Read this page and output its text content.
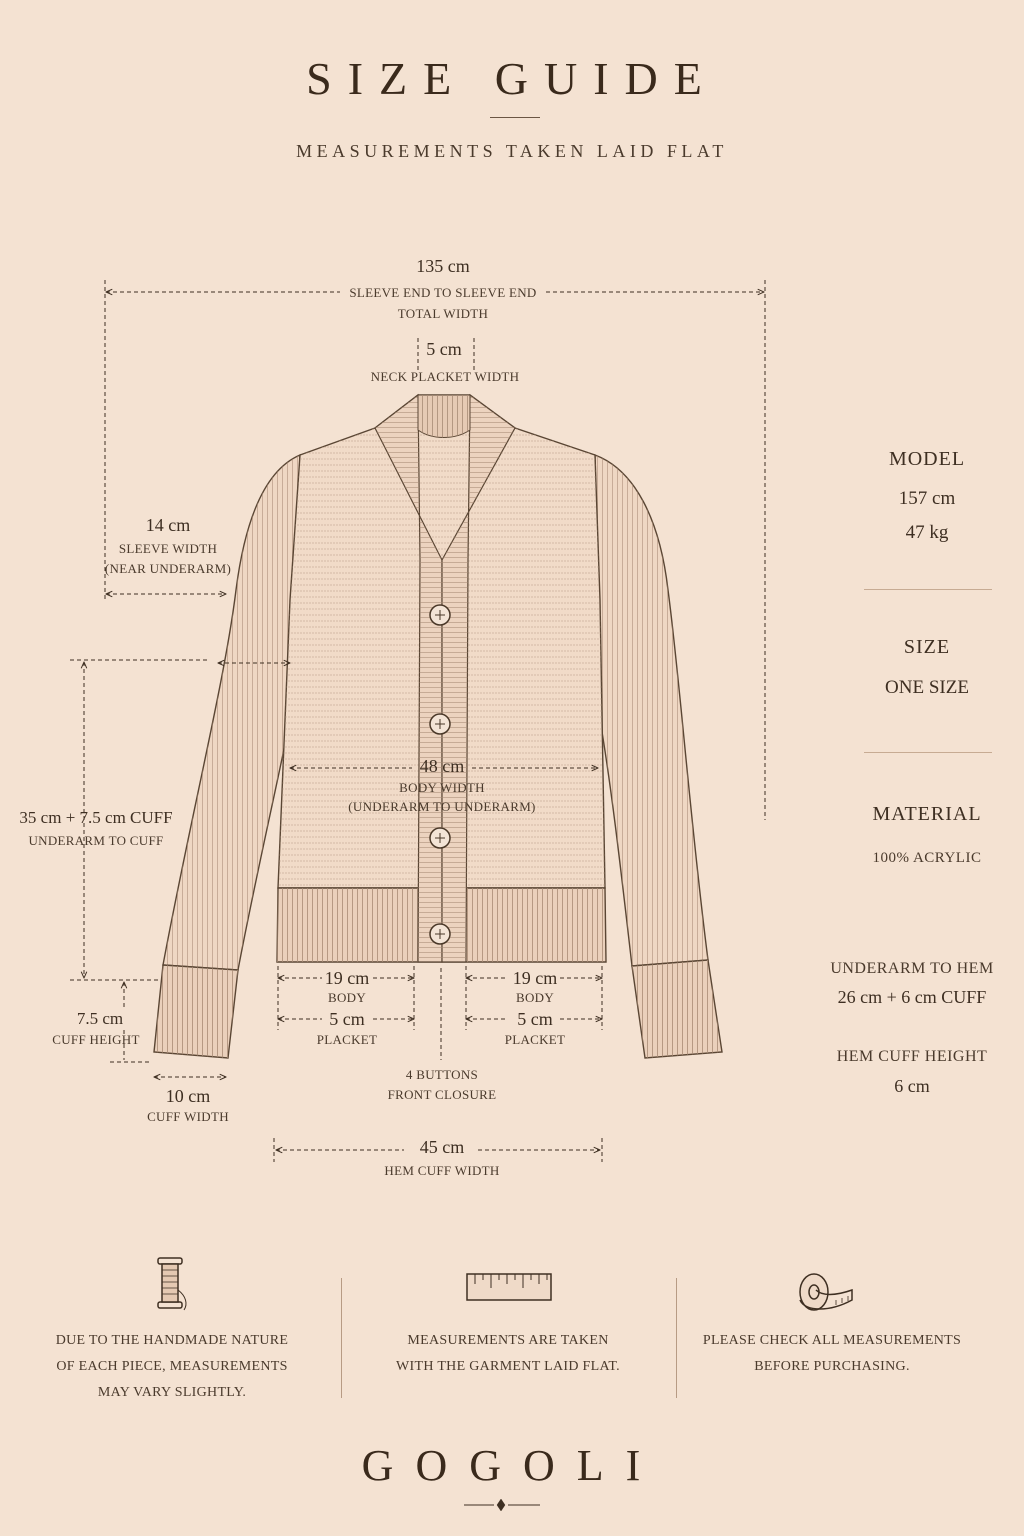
SIZE GUIDE
MEASUREMENTS TAKEN LAID FLAT
135 cm
SLEEVE END TO SLEEVE END
TOTAL WIDTH
5 cm
NECK PLACKET WIDTH
14 cm
SLEEVE WIDTH
(NEAR UNDERARM)
35 cm + 7.5 cm CUFF
UNDERARM TO CUFF
48 cm
BODY WIDTH
(UNDERARM TO UNDERARM)
7.5 cm
CUFF HEIGHT
10 cm
CUFF WIDTH
19 cm
BODY
19 cm
BODY
5 cm
PLACKET
5 cm
PLACKET
4 BUTTONS
FRONT CLOSURE
45 cm
HEM CUFF WIDTH
MODEL
157 cm
47 kg
SIZE
ONE SIZE
MATERIAL
100% ACRYLIC
UNDERARM TO HEM
26 cm + 6 cm CUFF
HEM CUFF HEIGHT
6 cm
DUE TO THE HANDMADE NATURE
OF EACH PIECE, MEASUREMENTS
MAY VARY SLIGHTLY.
MEASUREMENTS ARE TAKEN
WITH THE GARMENT LAID FLAT.
PLEASE CHECK ALL MEASUREMENTS
BEFORE PURCHASING.
GOGOLI
